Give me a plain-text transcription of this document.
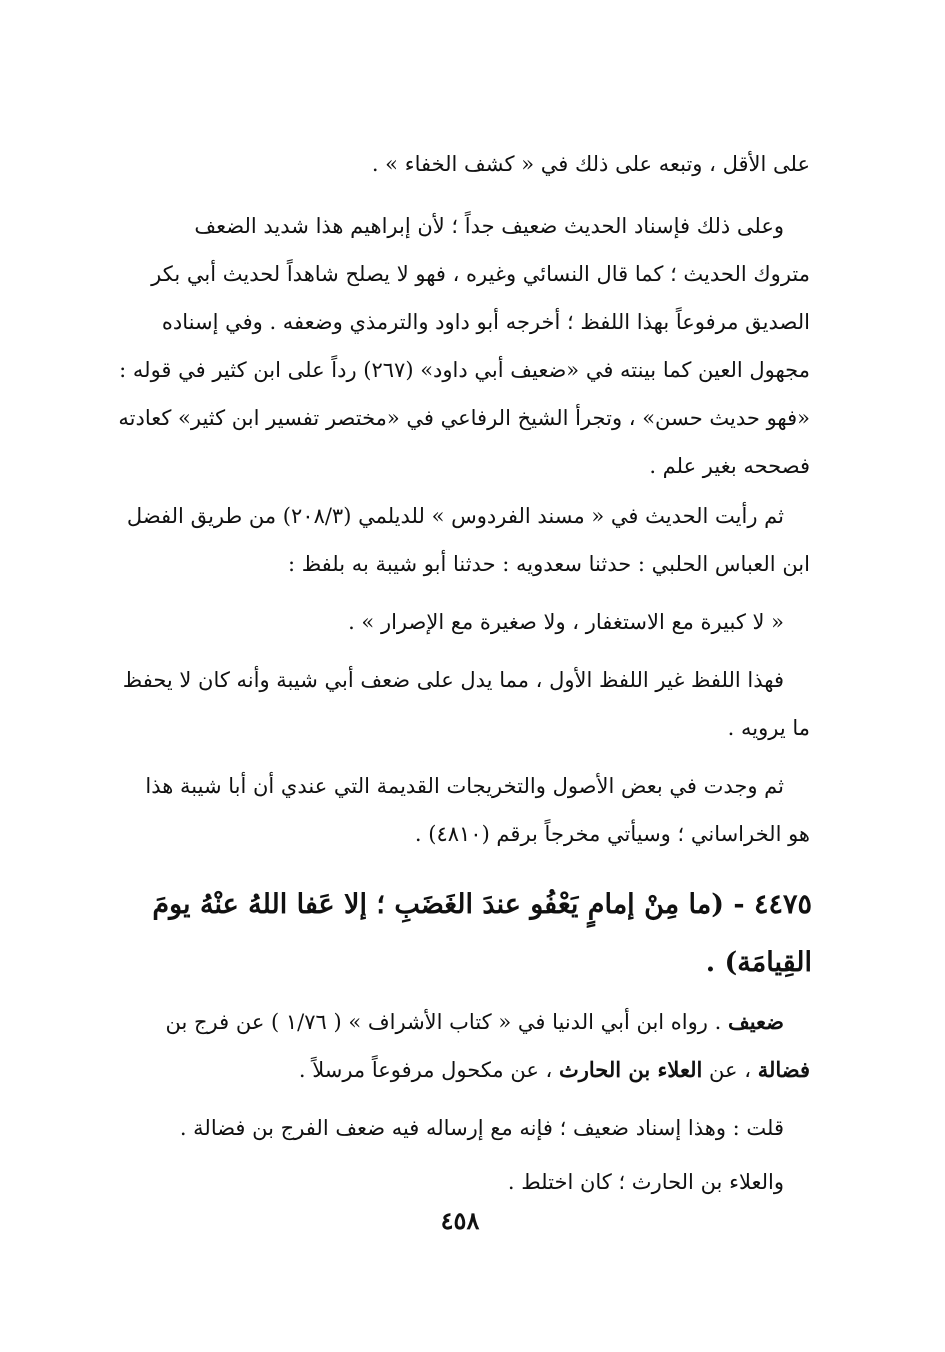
على الأقل ، وتبعه على ذلك في « كشف الخفاء » .
وعلى ذلك فإسناد الحديث ضعيف جداً ؛ لأن إبراهيم هذا شديد الضعف
متروك الحديث ؛ كما قال النسائي وغيره ، فهو لا يصلح شاهداً لحديث أبي بكر
الصديق مرفوعاً بهذا اللفظ ؛ أخرجه أبو داود والترمذي وضعفه . وفي إسناده
مجهول العين كما بينته في «ضعيف أبي داود» (٢٦٧) رداً على ابن كثير في قوله :
«فهو حديث حسن» ، وتجرأ الشيخ الرفاعي في «مختصر تفسير ابن كثير» كعادته
فصححه بغير علم .
ثم رأيت الحديث في « مسند الفردوس » للديلمي (٢٠٨/٣) من طريق الفضل
ابن العباس الحلبي : حدثنا سعدويه : حدثنا أبو شيبة به بلفظ :
« لا كبيرة مع الاستغفار ، ولا صغيرة مع الإصرار » .
فهذا اللفظ غير اللفظ الأول ، مما يدل على ضعف أبي شيبة وأنه كان لا يحفظ
ما يرويه .
ثم وجدت في بعض الأصول والتخريجات القديمة التي عندي أن أبا شيبة هذا
هو الخراساني ؛ وسيأتي مخرجاً برقم (٤٨١٠) .
٤٤٧٥ - (ما مِنْ إمامٍ يَعْفُو عندَ الغَضَبِ ؛ إلا عَفا اللهُ عنْهُ يومَ
القِيامَة) .
ضعيف . رواه ابن أبي الدنيا في « كتاب الأشراف » ( ١/٧٦ ) عن فرج بن
فضالة ، عن العلاء بن الحارث ، عن مكحول مرفوعاً مرسلاً .
قلت : وهذا إسناد ضعيف ؛ فإنه مع إرساله فيه ضعف الفرج بن فضالة .
والعلاء بن الحارث ؛ كان اختلط .
٤٥٨
